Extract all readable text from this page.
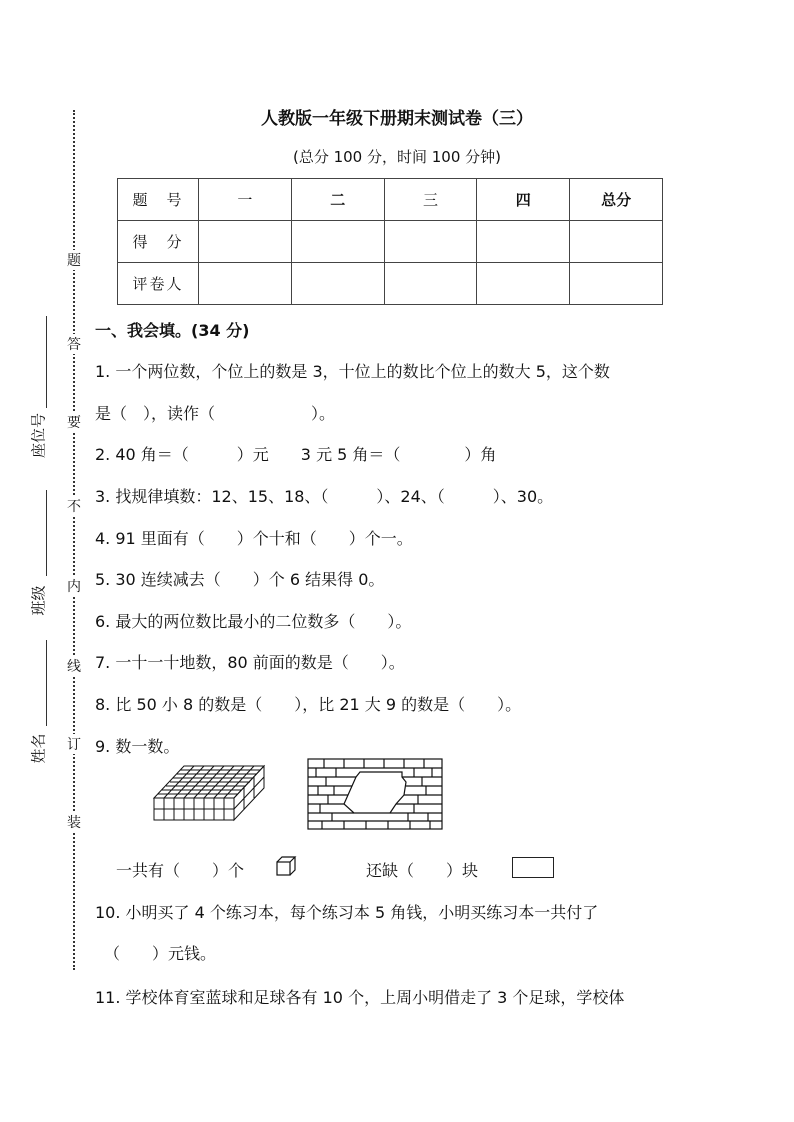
题
答
要
不
内
线
订
装
座位号
班级
姓名
人教版一年级下册期末测试卷（三）
(总分 100 分，时间 100 分钟)
题　号	一	二	三	四	总分
得　分					
评卷人					
一、我会填。(34 分)
1. 一个两位数，个位上的数是 3，十位上的数比个位上的数大 5，这个数
是（　），读作（　　　　　　）。
2. 40 角＝（　　　）元　　3 元 5 角＝（　　　　）角
3. 找规律填数：12、15、18、（　　　）、24、（　　　）、30。
4. 91 里面有（　　）个十和（　　）个一。
5. 30 连续减去（　　）个 6 结果得 0。
6. 最大的两位数比最小的二位数多（　　）。
7. 一十一十地数，80 前面的数是（　　）。
8. 比 50 小 8 的数是（　　），比 21 大 9 的数是（　　）。
9. 数一数。
一共有（　　）个	还缺（　　）块
10. 小明买了 4 个练习本，每个练习本 5 角钱，小明买练习本一共付了
（　　）元钱。
11. 学校体育室蓝球和足球各有 10 个，上周小明借走了 3 个足球，学校体
